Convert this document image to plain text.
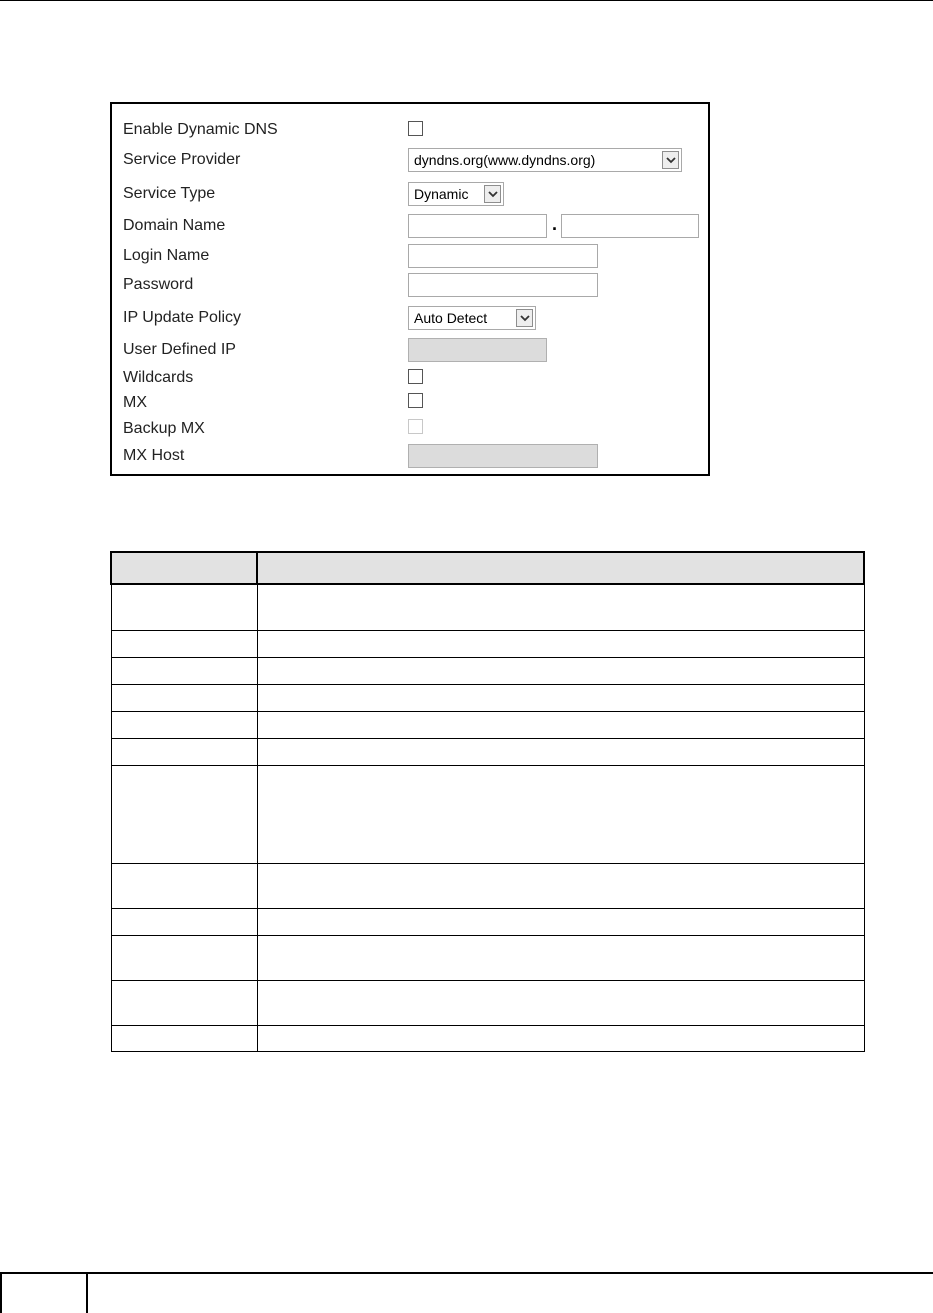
Enable Dynamic DNS
Service Provider	dyndns.org(www.dyndns.org)
Service Type	Dynamic
Domain Name	.
Login Name
Password
IP Update Policy	Auto Detect
User Defined IP
Wildcards
MX
Backup MX
MX Host
